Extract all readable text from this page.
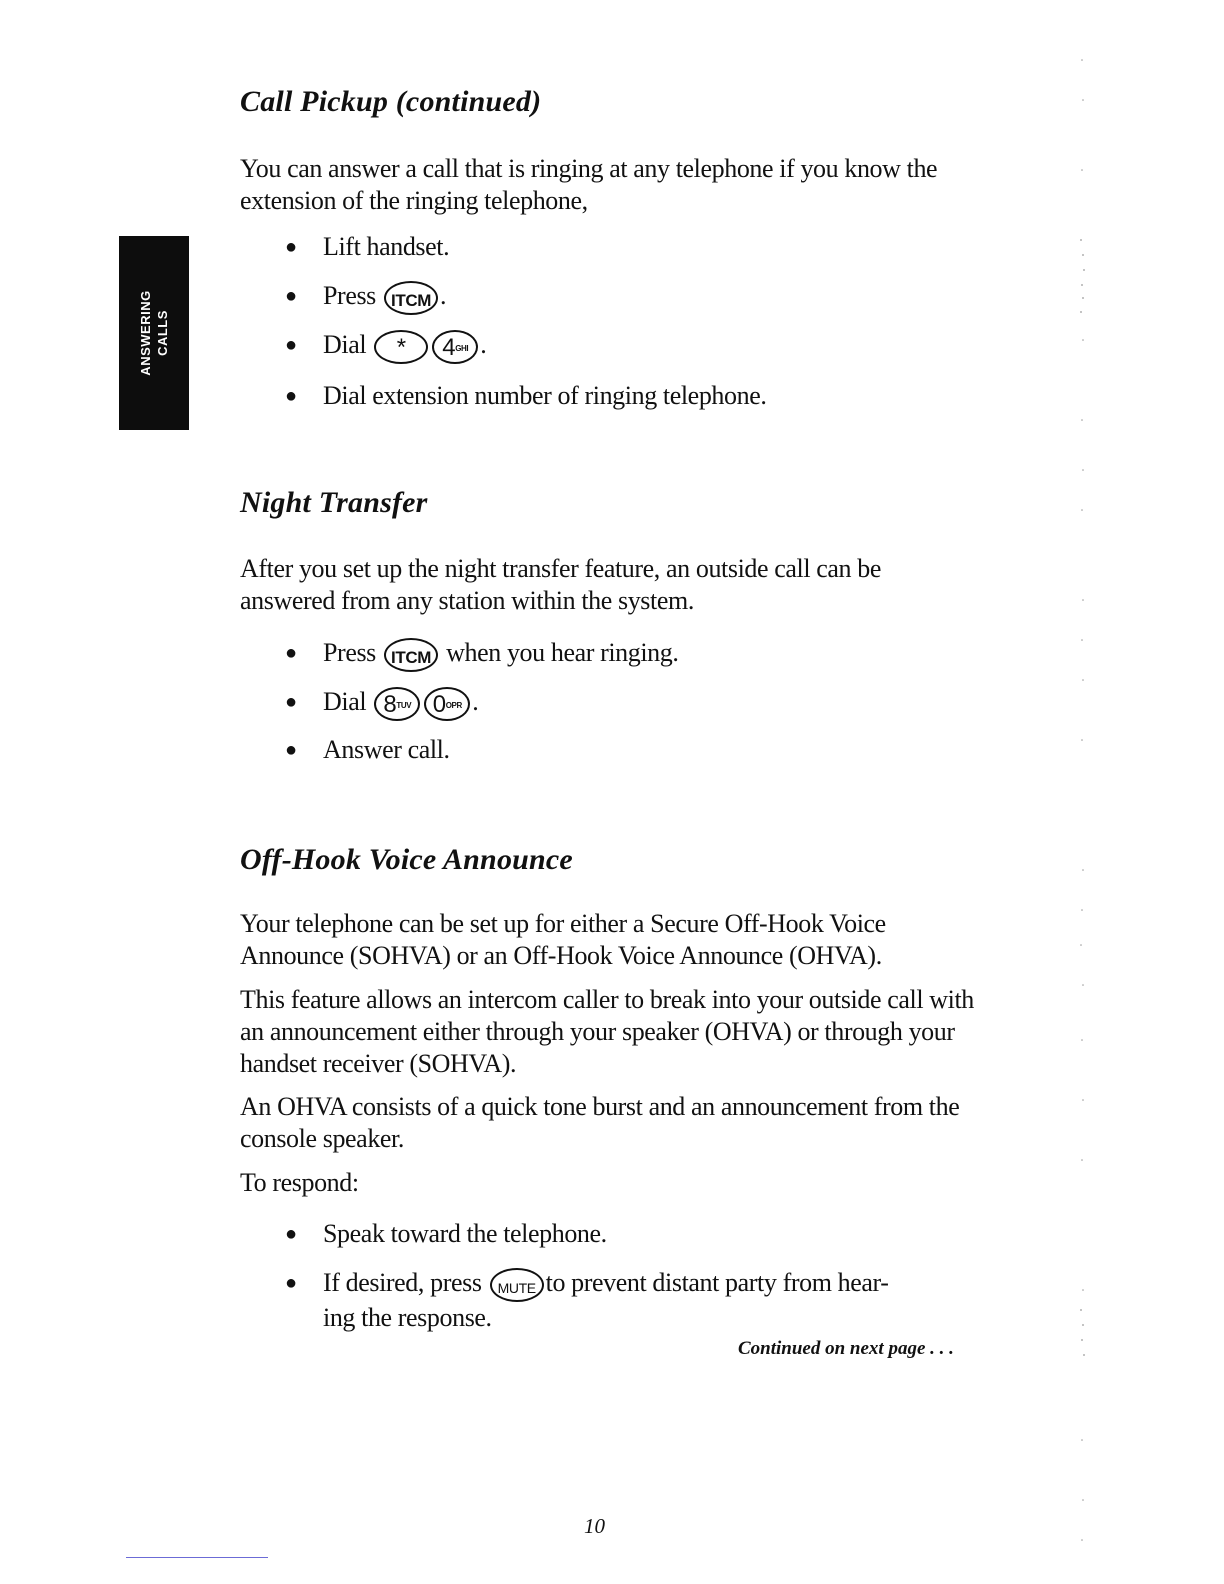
ANSWERING CALLS
Call Pickup (continued)

You can answer a call that is ringing at any telephone if you know the extension of the ringing telephone,

● Lift handset.
● Press ITCM .
● Dial * $4^{GHI}$ .
● Dial extension number of ringing telephone.
Night Transfer

After you set up the night transfer feature, an outside call can be answered from any station within the system.

● Press ITCM when you hear ringing.
● Dial $8^{TUV}$ $0^{OPR}$ .
● Answer call.
Off-Hook Voice Announce

Your telephone can be set up for either a Secure Off-Hook Voice Announce (SOHVA) or an Off-Hook Voice Announce (OHVA).

This feature allows an intercom caller to break into your outside call with an announcement either through your speaker (OHVA) or through your handset receiver (SOHVA).

An OHVA consists of a quick tone burst and an announcement from the console speaker.

To respond:

● Speak toward the telephone.
● If desired, press MUTE to prevent distant party from hear-
ing the response.
Continued on next page . . .
10
